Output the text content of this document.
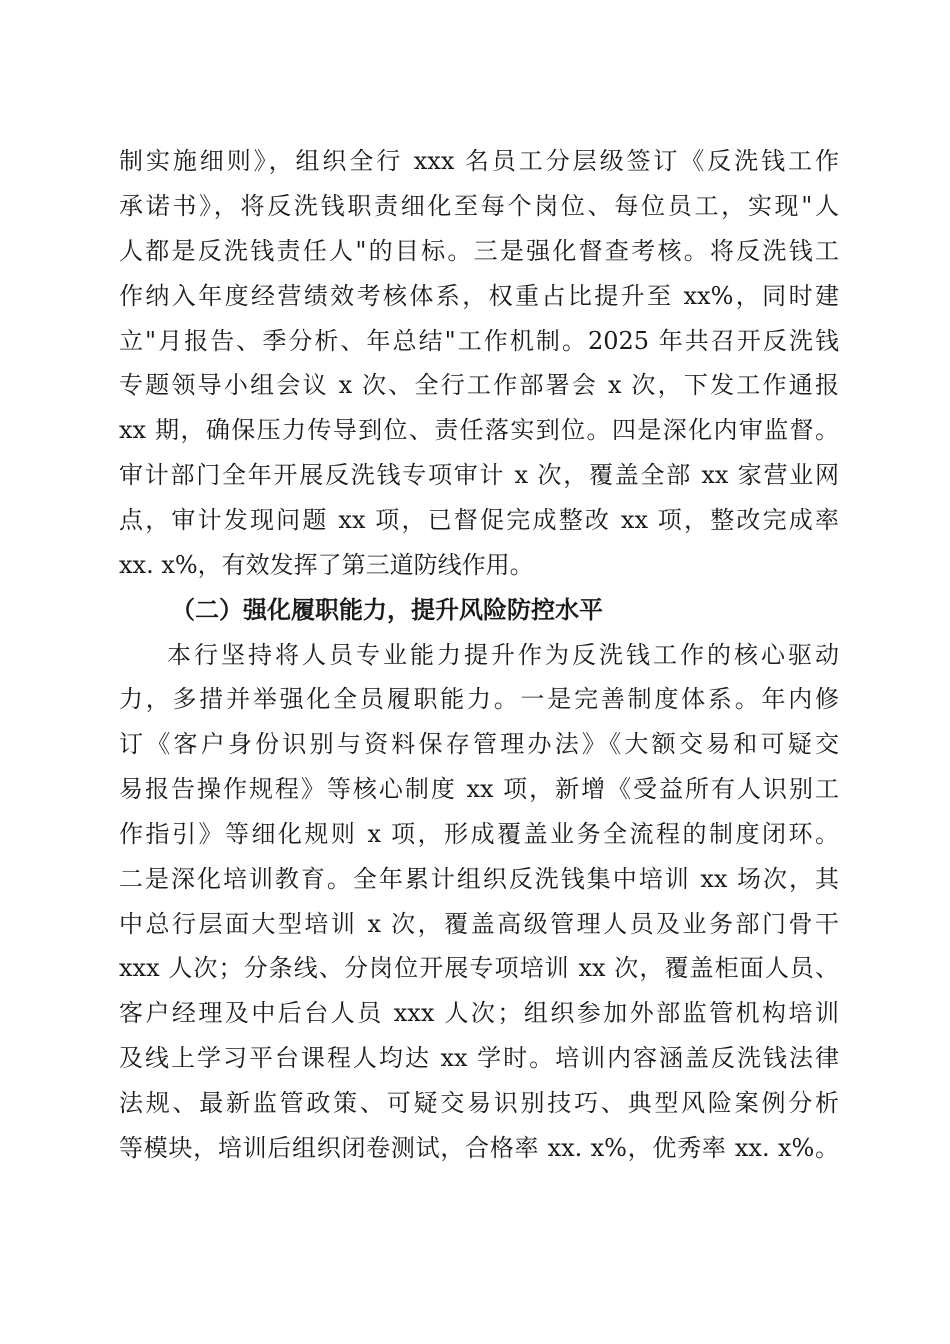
制实施细则》，组织全行 xxx 名员工分层级签订《反洗钱工作
承诺书》，将反洗钱职责细化至每个岗位、每位员工，实现"人
人都是反洗钱责任人"的目标。三是强化督查考核。将反洗钱工
作纳入年度经营绩效考核体系，权重占比提升至 xx%，同时建
立"月报告、季分析、年总结"工作机制。2025 年共召开反洗钱
专题领导小组会议 x 次、全行工作部署会 x 次，下发工作通报
xx 期，确保压力传导到位、责任落实到位。四是深化内审监督。
审计部门全年开展反洗钱专项审计 x 次，覆盖全部 xx 家营业网
点，审计发现问题 xx 项，已督促完成整改 xx 项，整改完成率
xx. x%，有效发挥了第三道防线作用。
（二）强化履职能力，提升风险防控水平
本行坚持将人员专业能力提升作为反洗钱工作的核心驱动
力，多措并举强化全员履职能力。一是完善制度体系。年内修
订《客户身份识别与资料保存管理办法》《大额交易和可疑交
易报告操作规程》等核心制度 xx 项，新增《受益所有人识别工
作指引》等细化规则 x 项，形成覆盖业务全流程的制度闭环。
二是深化培训教育。全年累计组织反洗钱集中培训 xx 场次，其
中总行层面大型培训 x 次，覆盖高级管理人员及业务部门骨干
xxx 人次；分条线、分岗位开展专项培训 xx 次，覆盖柜面人员、
客户经理及中后台人员 xxx 人次；组织参加外部监管机构培训
及线上学习平台课程人均达 xx 学时。培训内容涵盖反洗钱法律
法规、最新监管政策、可疑交易识别技巧、典型风险案例分析
等模块，培训后组织闭卷测试，合格率 xx. x%，优秀率 xx. x%。
